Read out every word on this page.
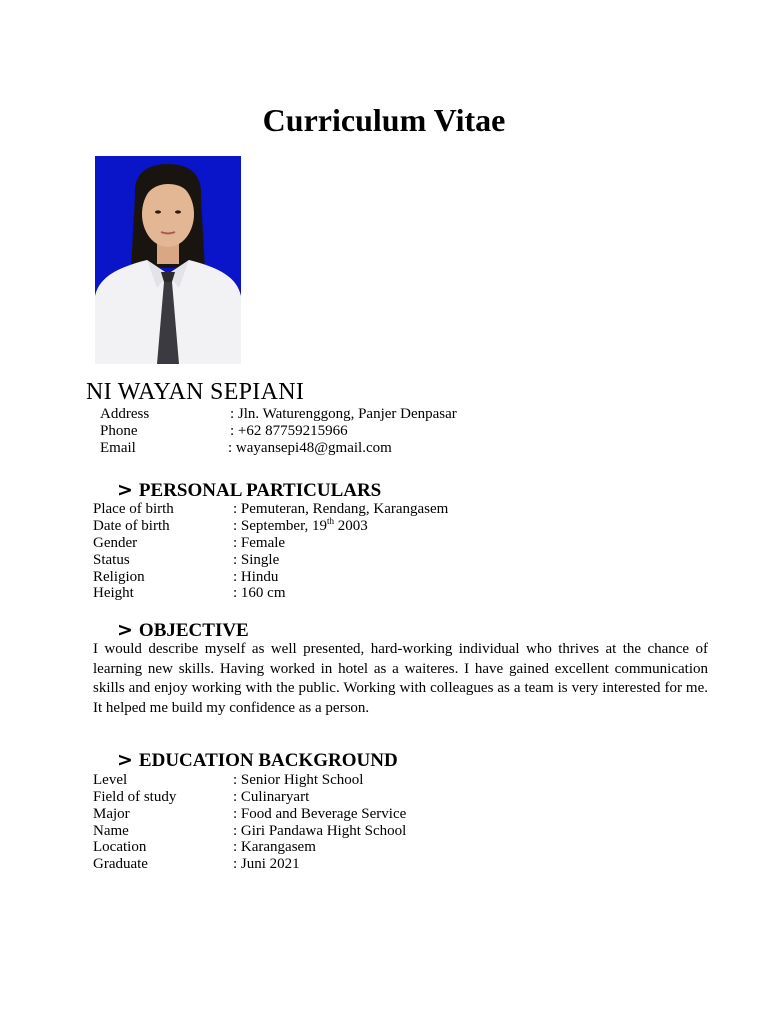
Curriculum Vitae
NI WAYAN SEPIANI
Address	: Jln. Waturenggong, Panjer Denpasar
Phone	: +62 87759215966
Email	: wayansepi48@gmail.com
> PERSONAL PARTICULARS
Place of birth	: Pemuteran, Rendang, Karangasem
Date of birth	: September, 19th 2003
Gender	: Female
Status	: Single
Religion	: Hindu
Height	: 160 cm
> OBJECTIVE
I would describe myself as well presented, hard-working individual who thrives at the chance of learning new skills. Having worked in hotel as a waiteres. I have gained excellent communication skills and enjoy working with the public. Working with colleagues as a team is very interested for me. It helped me build my confidence as a person.
> EDUCATION BACKGROUND
Level	: Senior Hight School
Field of study	: Culinaryart
Major	: Food and Beverage Service
Name	: Giri Pandawa Hight School
Location	: Karangasem
Graduate	: Juni 2021
